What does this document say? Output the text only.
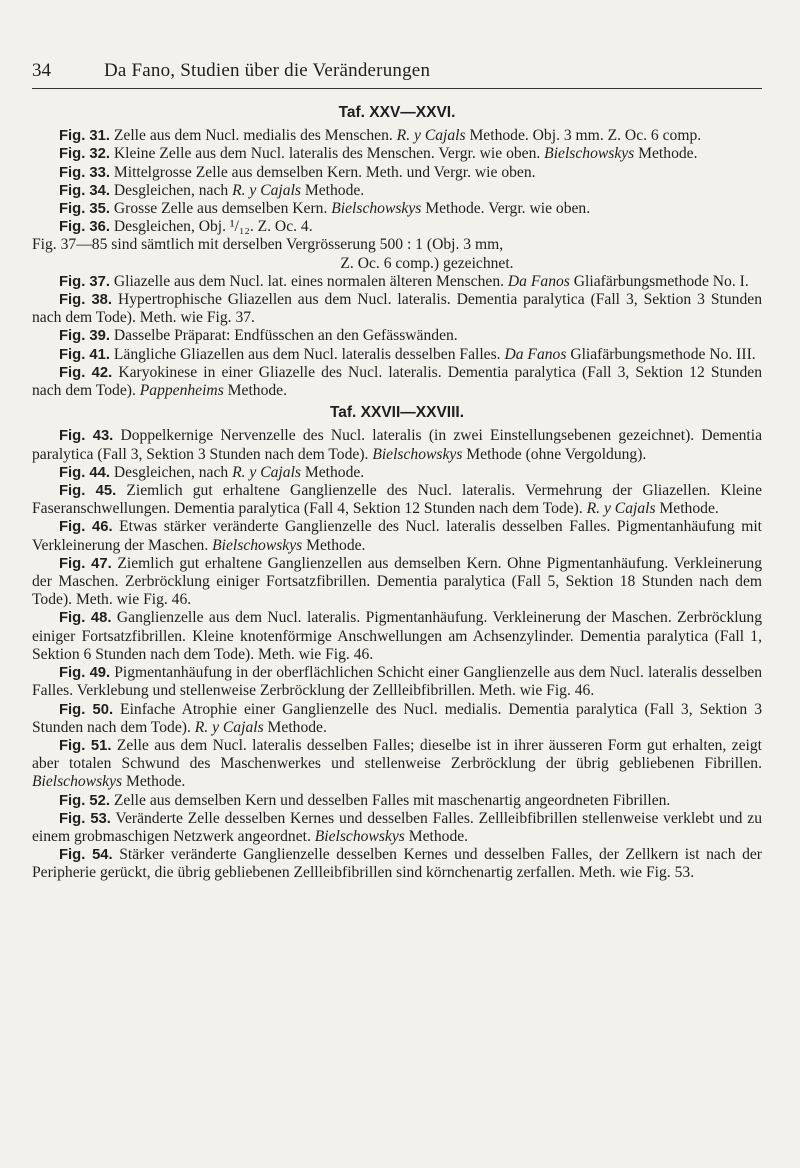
34	Da Fano, Studien über die Veränderungen
Taf. XXV—XXVI.

Fig. 31. Zelle aus dem Nucl. medialis des Menschen. R. y Cajals Methode. Obj. 3 mm. Z. Oc. 6 comp.

Fig. 32. Kleine Zelle aus dem Nucl. lateralis des Menschen. Vergr. wie oben. Bielschowskys Methode.

Fig. 33. Mittelgrosse Zelle aus demselben Kern. Meth. und Vergr. wie oben.

Fig. 34. Desgleichen, nach R. y Cajals Methode.

Fig. 35. Grosse Zelle aus demselben Kern. Bielschowskys Methode. Vergr. wie oben.

Fig. 36. Desgleichen, Obj. ¹/₁₂. Z. Oc. 4.

Fig. 37—85 sind sämtlich mit derselben Vergrösserung 500 : 1 (Obj. 3 mm,

Z. Oc. 6 comp.) gezeichnet.

Fig. 37. Gliazelle aus dem Nucl. lat. eines normalen älteren Menschen. Da Fanos Gliafärbungsmethode No. I.

Fig. 38. Hypertrophische Gliazellen aus dem Nucl. lateralis. Dementia paralytica (Fall 3, Sektion 3 Stunden nach dem Tode). Meth. wie Fig. 37.

Fig. 39. Dasselbe Präparat: Endfüsschen an den Gefässwänden.

Fig. 41. Längliche Gliazellen aus dem Nucl. lateralis desselben Falles. Da Fanos Gliafärbungsmethode No. III.

Fig. 42. Karyokinese in einer Gliazelle des Nucl. lateralis. Dementia paralytica (Fall 3, Sektion 12 Stunden nach dem Tode). Pappenheims Methode.

Taf. XXVII—XXVIII.

Fig. 43. Doppelkernige Nervenzelle des Nucl. lateralis (in zwei Einstellungsebenen gezeichnet). Dementia paralytica (Fall 3, Sektion 3 Stunden nach dem Tode). Bielschowskys Methode (ohne Vergoldung).

Fig. 44. Desgleichen, nach R. y Cajals Methode.

Fig. 45. Ziemlich gut erhaltene Ganglienzelle des Nucl. lateralis. Vermehrung der Gliazellen. Kleine Faseranschwellungen. Dementia paralytica (Fall 4, Sektion 12 Stunden nach dem Tode). R. y Cajals Methode.

Fig. 46. Etwas stärker veränderte Ganglienzelle des Nucl. lateralis desselben Falles. Pigmentanhäufung mit Verkleinerung der Maschen. Bielschowskys Methode.

Fig. 47. Ziemlich gut erhaltene Ganglienzellen aus demselben Kern. Ohne Pigmentanhäufung. Verkleinerung der Maschen. Zerbröcklung einiger Fortsatzfibrillen. Dementia paralytica (Fall 5, Sektion 18 Stunden nach dem Tode). Meth. wie Fig. 46.

Fig. 48. Ganglienzelle aus dem Nucl. lateralis. Pigmentanhäufung. Verkleinerung der Maschen. Zerbröcklung einiger Fortsatzfibrillen. Kleine knotenförmige Anschwellungen am Achsenzylinder. Dementia paralytica (Fall 1, Sektion 6 Stunden nach dem Tode). Meth. wie Fig. 46.

Fig. 49. Pigmentanhäufung in der oberflächlichen Schicht einer Ganglienzelle aus dem Nucl. lateralis desselben Falles. Verklebung und stellenweise Zerbröcklung der Zellleibfibrillen. Meth. wie Fig. 46.

Fig. 50. Einfache Atrophie einer Ganglienzelle des Nucl. medialis. Dementia paralytica (Fall 3, Sektion 3 Stunden nach dem Tode). R. y Cajals Methode.

Fig. 51. Zelle aus dem Nucl. lateralis desselben Falles; dieselbe ist in ihrer äusseren Form gut erhalten, zeigt aber totalen Schwund des Maschenwerkes und stellenweise Zerbröcklung der übrig gebliebenen Fibrillen. Bielschowskys Methode.

Fig. 52. Zelle aus demselben Kern und desselben Falles mit maschenartig angeordneten Fibrillen.

Fig. 53. Veränderte Zelle desselben Kernes und desselben Falles. Zellleibfibrillen stellenweise verklebt und zu einem grobmaschigen Netzwerk angeordnet. Bielschowskys Methode.

Fig. 54. Stärker veränderte Ganglienzelle desselben Kernes und desselben Falles, der Zellkern ist nach der Peripherie gerückt, die übrig gebliebenen Zellleibfibrillen sind körnchenartig zerfallen. Meth. wie Fig. 53.
